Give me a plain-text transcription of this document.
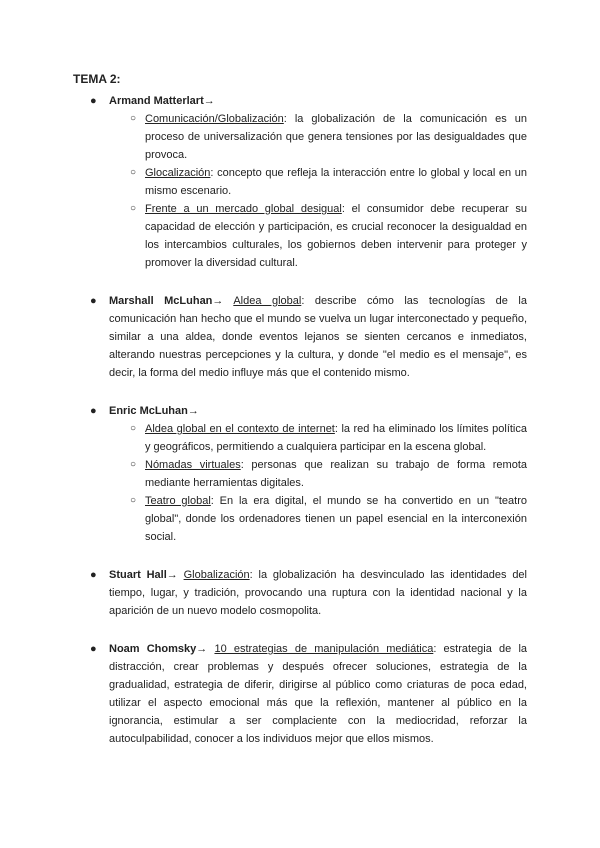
TEMA 2:
● Armand Matterlart→
○ Comunicación/Globalización: la globalización de la comunicación es un proceso de universalización que genera tensiones por las desigualdades que provoca.
○ Glocalización: concepto que refleja la interacción entre lo global y local en un mismo escenario.
○ Frente a un mercado global desigual: el consumidor debe recuperar su capacidad de elección y participación, es crucial reconocer la desigualdad en los intercambios culturales, los gobiernos deben intervenir para proteger y promover la diversidad cultural.
● Marshall McLuhan→ Aldea global: describe cómo las tecnologías de la comunicación han hecho que el mundo se vuelva un lugar interconectado y pequeño, similar a una aldea, donde eventos lejanos se sienten cercanos e inmediatos, alterando nuestras percepciones y la cultura, y donde "el medio es el mensaje", es decir, la forma del medio influye más que el contenido mismo.
● Enric McLuhan→
○ Aldea global en el contexto de internet: la red ha eliminado los límites política y geográficos, permitiendo a cualquiera participar en la escena global.
○ Nómadas virtuales: personas que realizan su trabajo de forma remota mediante herramientas digitales.
○ Teatro global: En la era digital, el mundo se ha convertido en un "teatro global", donde los ordenadores tienen un papel esencial en la interconexión social.
● Stuart Hall→ Globalización: la globalización ha desvinculado las identidades del tiempo, lugar, y tradición, provocando una ruptura con la identidad nacional y la aparición de un nuevo modelo cosmopolita.
● Noam Chomsky→ 10 estrategias de manipulación mediática: estrategia de la distracción, crear problemas y después ofrecer soluciones, estrategia de la gradualidad, estrategia de diferir, dirigirse al público como criaturas de poca edad, utilizar el aspecto emocional más que la reflexión, mantener al público en la ignorancia, estimular a ser complaciente con la mediocridad, reforzar la autoculpabilidad, conocer a los individuos mejor que ellos mismos.
